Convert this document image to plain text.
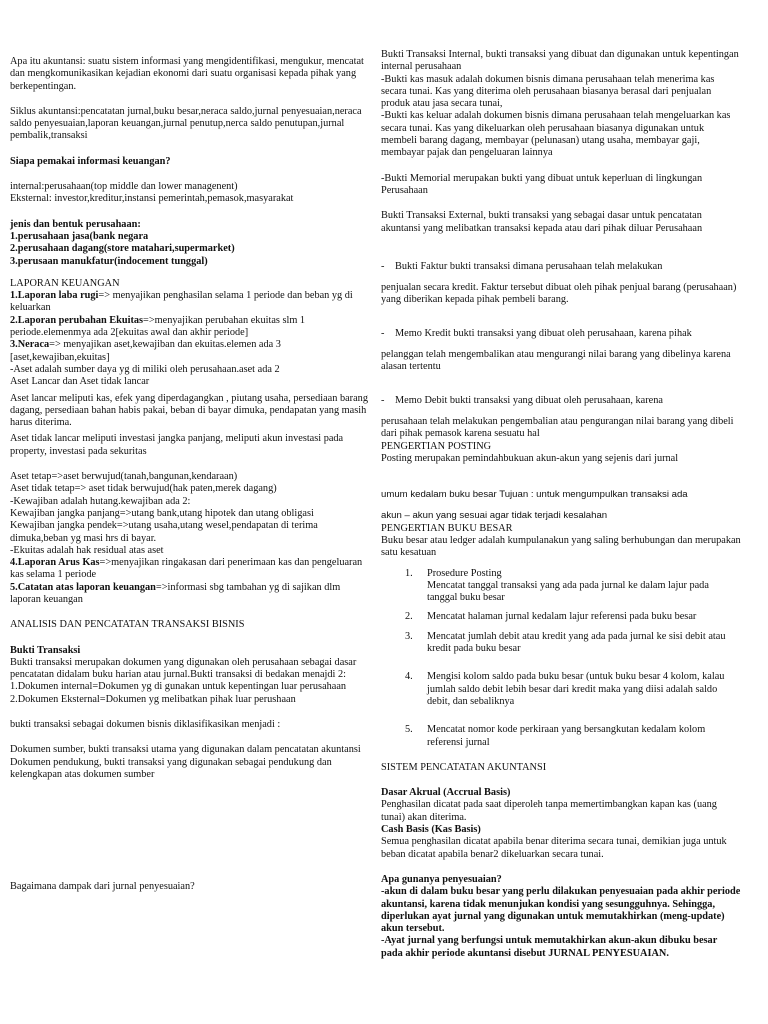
Apa itu akuntansi: suatu sistem informasi yang mengidentifikasi, mengukur, mencatat dan mengkomunikasikan kejadian ekonomi dari suatu organisasi kepada pihak yang berkepentingan.

Siklus akuntansi:pencatatan jurnal,buku besar,neraca saldo,jurnal penyesuaian,neraca saldo penyesuaian,laporan keuangan,jurnal penutup,nerca saldo penutupan,jurnal pembalik,transaksi

Siapa pemakai informasi keuangan?

internal:perusahaan(top middle dan lower managenent)

Eksternal: investor,kreditur,instansi pemerintah,pemasok,masyarakat

jenis dan bentuk perusahaan:

1.perusahaan jasa(bank negara

2.perusahaan dagang(store matahari,supermarket)

3.perusaan manukfatur(indocement tunggal)

LAPORAN KEUANGAN

1.Laporan laba rugi=> menyajikan penghasilan selama 1 periode dan beban yg di keluarkan

2.Laporan perubahan Ekuitas=>menyajikan perubahan ekuitas slm 1 periode.elemenmya ada 2[ekuitas awal dan akhir periode]

3.Neraca=> menyajikan aset,kewajiban dan ekuitas.elemen ada 3 [aset,kewajiban,ekuitas]

-Aset adalah sumber daya yg di miliki oleh perusahaan.aset ada 2

Aset Lancar dan Aset tidak lancar

Aset lancar meliputi kas, efek yang diperdagangkan , piutang usaha, persediaan barang dagang, persediaan bahan habis pakai, beban di bayar dimuka, pendapatan yang masih harus diterima.

Aset tidak lancar meliputi investasi jangka panjang, meliputi akun investasi pada property, investasi pada sekuritas

Aset tetap=>aset berwujud(tanah,bangunan,kendaraan)

Aset tidak tetap=> aset tidak berwujud(hak paten,merek dagang)

-Kewajiban adalah hutang.kewajiban ada 2:

Kewajiban jangka panjang=>utang bank,utang hipotek dan utang obligasi

Kewajiban jangka pendek=>utang usaha,utang wesel,pendapatan di terima dimuka,beban yg masi hrs di bayar.

-Ekuitas adalah hak residual atas aset

4.Laporan Arus Kas=>menyajikan ringakasan dari penerimaan kas dan pengeluaran kas selama 1 periode

5.Catatan atas laporan keuangan=>informasi sbg tambahan yg di sajikan dlm laporan keuangan

ANALISIS DAN PENCATATAN TRANSAKSI BISNIS

Bukti Transaksi

Bukti transaksi merupakan dokumen yang digunakan oleh perusahaan sebagai dasar pencatatan didalam buku harian atau jurnal.Bukti transaksi di bedakan menajdi 2:

1.Dokumen internal=Dokumen yg di gunakan untuk kepentingan luar perusahaan

2.Dokumen Eksternal=Dokumen yg melibatkan pihak luar perushaan

bukti transaksi sebagai dokumen bisnis diklasifikasikan menjadi :

Dokumen sumber, bukti transaksi utama yang digunakan dalam pencatatan akuntansi

Dokumen pendukung, bukti transaksi yang digunakan sebagai pendukung dan kelengkapan atas dokumen sumber

Bagaimana dampak dari jurnal penyesuaian?

Bukti Transaksi Internal, bukti transaksi yang dibuat dan digunakan untuk kepentingan internal perusahaan

-Bukti kas masuk adalah dokumen bisnis dimana perusahaan telah menerima kas secara tunai. Kas yang diterima oleh perusahaan biasanya berasal dari penjualan produk atau jasa secara tunai,

-Bukti kas keluar adalah dokumen bisnis dimana perusahaan telah mengeluarkan kas secara tunai. Kas yang dikeluarkan oleh perusahaan biasanya digunakan untuk membeli barang dagang, membayar (pelunasan) utang usaha, membayar gaji, membayar pajak dan pengeluaran lainnya

-Bukti Memorial merupakan bukti yang dibuat untuk keperluan di lingkungan Perusahaan

Bukti Transaksi External, bukti transaksi yang sebagai dasar untuk pencatatan akuntansi yang melibatkan transaksi kepada atau dari pihak diluar Perusahaan

- Bukti Faktur bukti transaksi dimana perusahaan telah melakukan

penjualan secara kredit. Faktur tersebut dibuat oleh pihak penjual barang (perusahaan) yang diberikan kepada pihak pembeli barang.

- Memo Kredit bukti transaksi yang dibuat oleh perusahaan, karena pihak

pelanggan telah mengembalikan atau mengurangi nilai barang yang dibelinya karena alasan tertentu

- Memo Debit bukti transaksi yang dibuat oleh perusahaan, karena

perusahaan telah melakukan pengembalian atau pengurangan nilai barang yang dibeli dari pihak pemasok karena sesuatu hal

PENGERTIAN POSTING

Posting merupakan pemindahbukuan akun-akun yang sejenis dari jurnal

umum kedalam buku besar Tujuan : untuk mengumpulkan transaksi ada

akun – akun yang sesuai agar tidak terjadi kesalahan

PENGERTIAN BUKU BESAR

Buku besar atau ledger adalah kumpulanakun yang saling berhubungan dan merupakan satu kesatuan

1. Prosedure Posting
Mencatat tanggal transaksi yang ada pada jurnal ke dalam lajur pada tanggal buku besar
2. Mencatat halaman jurnal kedalam lajur referensi pada buku besar
3. Mencatat jumlah debit atau kredit yang ada pada jurnal ke sisi debit atau kredit pada buku besar
4. Mengisi kolom saldo pada buku besar (untuk buku besar 4 kolom, kalau jumlah saldo debit lebih besar dari kredit maka yang diisi adalah saldo debit, dan sebaliknya
5. Mencatat nomor kode perkiraan yang bersangkutan kedalam kolom referensi jurnal

SISTEM PENCATATAN AKUNTANSI

Dasar Akrual (Accrual Basis)

Penghasilan dicatat pada saat diperoleh tanpa memertimbangkan kapan kas (uang tunai) akan diterima.

Cash Basis (Kas Basis)

Semua penghasilan dicatat apabila benar diterima secara tunai, demikian juga untuk beban dicatat apabila benar2 dikeluarkan secara tunai.

Apa gunanya penyesuaian?

-akun di dalam buku besar yang perlu dilakukan penyesuaian pada akhir periode akuntansi, karena tidak menunjukan kondisi yang sesungguhnya. Sehingga, diperlukan ayat jurnal yang digunakan untuk memutakhirkan (meng-update) akun tersebut.

-Ayat jurnal yang berfungsi untuk memutakhirkan akun-akun dibuku besar pada akhir periode akuntansi disebut JURNAL PENYESUAIAN.
